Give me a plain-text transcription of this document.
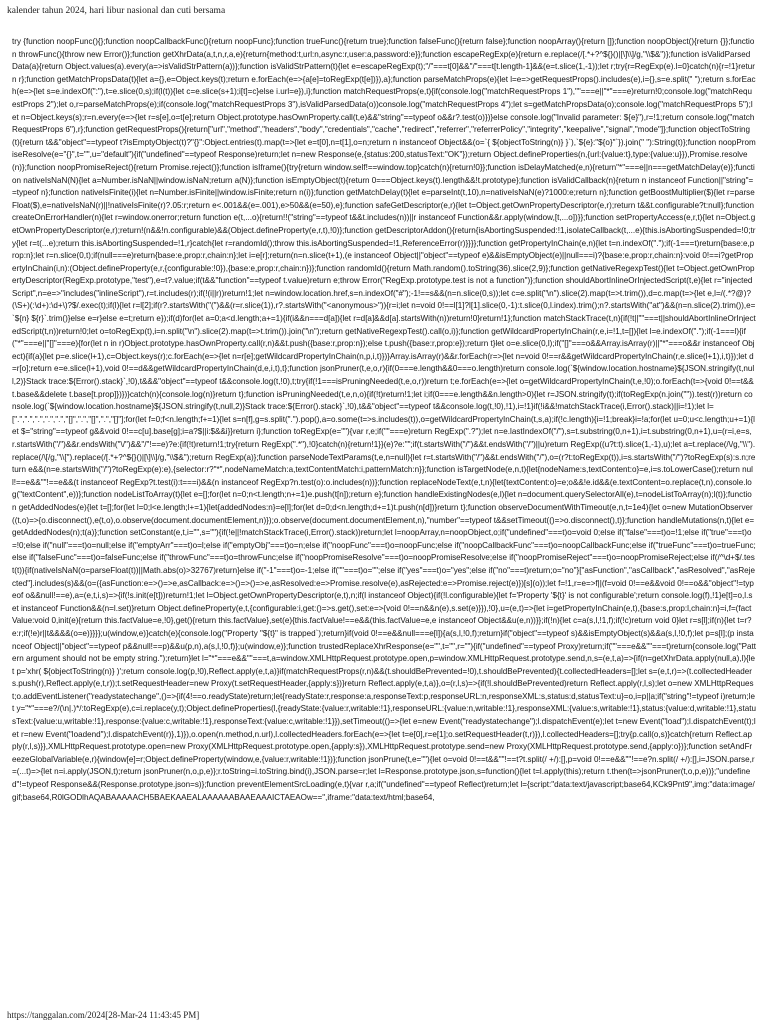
kalender tahun 2024, hari libur nasional dan cuti bersama

try {function noopFunc(){};function noopCallbackFunc(){return noopFunc};function trueFunc(){return true};function falseFunc(){return false};function noopArray(){return []};function noopObject(){return {}};function throwFunc(){throw new Error()};function getXhrData(a,t,n,r,a,e){return{method:t,url:n,async:r,user:a,password:e}};function escapeRegExp(e){return e.replace(/[.*+?^${}()|[\]\\]/g,"\\$&")};function isValidParsedData(a){return Object.values(a).every(a=>isValidStrPattern(a))};function isValidStrPattern(t){let e=escapeRegExp(t);"/"===t[0]&&"/"===t[t.length-1]&&(e=t.slice(1,-1));let r;try{r=RegExp(e).l=0}catch(n){r=!1}return r};function getMatchPropsData(t){let a={},e=Object.keys(t);return e.forEach(e=>{a[e]=toRegExp(t[e])}),a};function parseMatchProps(e){let l=e=>getRequestProps().includes(e),i={},s=e.split(" ");return s.forEach(e=>{let s=e.indexOf(":"),t=e.slice(0,s);if(l(t)){let c=e.slice(s+1);i[t]=c}else i.url=e}),i};function matchRequestProps(e,t){if(console.log("matchRequestProps 1"),""===e||"*"===e)return!0;console.log("matchRequestProps 2");let o,r=parseMatchProps(e);if(console.log("matchRequestProps 3"),isValidParsedData(o))console.log("matchRequestProps 4");let s=getMatchPropsData(o);console.log("matchRequestProps 5");let n=Object.keys(s);r=n.every(e=>{let r=s[e],o=t[e];return Object.prototype.hasOwnProperty.call(t,e)&&"string"==typeof o&&r?.test(o)})}else console.log("Invalid parameter: ${e}"),r=!1;return console.log("matchRequestProps 6"),r};function getRequestProps(){return["url","method","headers","body","credentials","cache","redirect","referrer","referrerPolicy","integrity","keepalive","signal","mode"]};function objectToString(t){return t&&"object"==typeof t?isEmptyObject(t)?"{}":Object.entries(t).map(t=>{let e=t[0],n=t[1],o=n;return n instanceof Object&&(o=`{ ${objectToString(n)} }`),`${e}:"${o}"`}).join(" "):String(t)};function noopPromiseResolve(e="{}",t="",u="default"){if("undefined"==typeof Response)return;let n=new Response(e,{status:200,statusText:"OK"});return Object.defineProperties(n,{url:{value:t},type:{value:u}}),Promise.resolve(n)};function noopPromiseReject(){return Promise.reject()};function isIframe(){try{return window.self!==window.top}catch(n){return!0}};function isDelayMatched(e,n){return"*"===e||n===getMatchDelay(e)};function nativeIsNaN(N){let a=Number.isNaN||window.isNaN;return a(N)};function isEmptyObject(t){return 0===Object.keys(t).length&&!t.prototype};function isValidCallback(n){return n instanceof Function||"string"==typeof n};function nativeIsFinite(i){let n=Number.isFinite||window.isFinite;return n(i)};function getMatchDelay(t){let e=parseInt(t,10),n=nativeIsNaN(e)?1000:e;return n};function getBoostMultiplier($){let r=parseFloat($),e=nativeIsNaN(r)||!nativeIsFinite(r)?.05:r;return e<.001&&(e=.001),e>50&&(e=50),e};function safeGetDescriptor(e,r){let t=Object.getOwnPropertyDescriptor(e,r);return t&&t.configurable?t:null};function createOnErrorHandler(n){let r=window.onerror;return function e(t,...o){return!!("string"==typeof t&&t.includes(n))||r instanceof Function&&r.apply(window,[t,...o])}};function setPropertyAccess(e,r,t){let n=Object.getOwnPropertyDescriptor(e,r);return!(n&&!n.configurable)&&(Object.defineProperty(e,r,t),!0)};function getDescriptorAddon(){return{isAbortingSuspended:!1,isolateCallback(t,...e){this.isAbortingSuspended=!0;try{let r=t(...e);return this.isAbortingSuspended=!1,r}catch{let r=randomId();throw this.isAbortingSuspended=!1,ReferenceError(r)}}}};function getPropertyInChain(e,n){let t=n.indexOf(".");if(-1===t)return{base:e,prop:n};let r=n.slice(0,t);if(null===e)return{base:e,prop:r,chain:n};let i=e[r];return(n=n.slice(t+1),(e instanceof Object||"object"==typeof e)&&isEmptyObject(e)||null===i)?{base:e,prop:r,chain:n}:void 0!==i?getPropertyInChain(i,n):(Object.defineProperty(e,r,{configurable:!0}),{base:e,prop:r,chain:n})};function randomId(){return Math.random().toString(36).slice(2,9)};function getNativeRegexpTest(){let t=Object.getOwnPropertyDescriptor(RegExp.prototype,"test"),e=t?.value;if(t&&"function"==typeof t.value)return e;throw Error("RegExp.prototype.test is not a function")};function shouldAbortInlineOrInjectedScript(t,e){let r="injectedScript",n=e=>"includes("inlineScript"),r=t.includes(r);if(!(i||r))return!1;let n=window.location.href,s=n.indexOf("#");-1!==s&&(n=n.slice(0,s));let c=e.split("\n").slice(2).map(t=>t.trim()),d=c.map(t=>{let e,l=/(.*?@)?(\S+)(:\d+):\d+\)?$/.exec(t);if(l){let r=l[2];if(r?.startsWith("(")&&(r=r.slice(1)),r?.startsWith("<anonymous>")){r=i;let n=void 0!==l[1]?l[1].slice(0,-1):t.slice(0,l.index).trim();n?.startsWith("at")&&(n=n.slice(2).trim()),e=`${n} ${r}`.trim()}else e=r}else e=t;return e});if(d)for(let a=0;a<d.length;a+=1){if(i&&n===d[a]){let r=d[a]&&d[a].startsWith(n))return!0}return!1};function matchStackTrace(t,n){if(!t||""===t||shouldAbortInlineOrInjectedScript(t,n))return!0;let o=toRegExp(t),i=n.split("\n").slice(2).map(t=>t.trim()).join("\n");return getNativeRegexpTest().call(o,i)};function getWildcardPropertyInChain(r,e,i=!1,t=[]){let l=e.indexOf(".");if(-1===l){if("*"===e||"[]"===e){for(let n in r)Object.prototype.hasOwnProperty.call(r,n)&&t.push({base:r,prop:n});else t.push({base:r,prop:e});return t}let o=e.slice(0,l);if("[]"===o&&Array.isArray(r)||"*"===o&&r instanceof Object){if(a){let p=e.slice(l+1),c=Object.keys(r);c.forEach(e=>{let n=r[e];getWildcardPropertyInChain(n,p,i,t)})}Array.isArray(r)&&r.forEach(r=>{let n=void 0!==r&&getWildcardPropertyInChain(r,e.slice(l+1),i,t)});let d=r[o];return e=e.slice(l+1),void 0!==d&&getWildcardPropertyInChain(d,e,i,t),t};function jsonPruner(t,e,o,r){if(0===e.length&&0===o.length)return console.log(`${window.location.hostname}${JSON.stringify(t,null,2)}Stack trace:${Error().stack}`,!0),t&&&"object"==typeof t&&console.log(t,!0),t;try{if(!1===isPruningNeeded(t,e,o,r))return t;e.forEach(e=>{let o=getWildcardPropertyInChain(t,e,!0);o.forEach(t=>{void 0!==t&&t.base&&delete t.base[t.prop]})})}catch(n){console.log(n)}return t};function isPruningNeeded(t,e,n,o){if(!t)return!1;let i;if(0===e.length&&n.length>0){let r=JSON.stringify(t);if(toRegExp(n.join("")).test(r))return console.log(`${window.location.hostname}${JSON.stringify(t,null,2)}Stack trace:${Error().stack}`,!0),t&&"object"==typeof t&&console.log(t,!0),!1),i=!1}if(!i&&!matchStackTrace(i,Error().stack)||i=!1);let l=[".",".",".",".",".","[]",".","[]",".","[]"];for(let f=0;f<n.length;f+=1){let s=n[f],g=s.split(".").pop(),a=o.some(t=>s.includes(t)),o=getWildcardPropertyInChain(t,s,a);if(!c.length){i=!1;break}i=!a;for(let u=0;u<c.length;u+=1){let $="string"==typeof g&&void 0!==c[u].base[g];i=a?$||i:$&&i}}return i};function toRegExp(e=""){var r,e;if(""===e)return RegExp(".?");let n=e.lastIndexOf("/"),s=t.substring(0,n+1),i=t.substring(0,n+1),u=(r=i,e=s,r.startsWith("/")&&r.endsWith("\/")&&"/"!==e)?e:{if(!t)return!1;try{return RegExp(".*"),!0}catch(n){return!1}}(e)?e:"";if(t.startsWith("/")&&t.endsWith("/")||u)return RegExp((u?t:t).slice(1,-1),u);let a=t.replace(/\/g,"\\").replace(/\[/g,"\\[").replace(/[.*+?^${}()|[\]\\]/g,"\\$&");return RegExp(a)};function parseNodeTextParams(t,e,n=null){let r=t.startsWith("/")&&t.endsWith("/"),o=(r?t:toRegExp(t)),i=s.startsWith("/")?toRegExp(s):s.n;return e&&(n=e.startsWith("/")?toRegExp(e):e),{selector:r?"*",nodeNameMatch:a,textContentMatch:i,patternMatch:n}};function isTargetNode(e,n,t){let{nodeName:s,textContent:o}=e,i=s.toLowerCase();return null!==e&&""!==e&&(t instanceof RegExp?t.test(i):t===i)&&(n instanceof RegExp?n.test(o):o.includes(n))};function replaceNodeText(e,t,n){let{textContent:o}=e;o&&!e.id&&(e.textContent=o.replace(t,n),console.log("textContent",e))};function nodeListToArray(t){let e=[];for(let n=0;n<t.length;n+=1)e.push(t[n]);return e};function handleExistingNodes(e,l){let n=document.querySelectorAll(e),t=nodeListToArray(n);l(t)};function getAddedNodes(e){let t=[];for(let l=0;l<e.length;l+=1){let{addedNodes:n}=e[l];for(let d=0;d<n.length;d+=1)t.push(n[d])}return t};function observeDocumentWithTimeout(e,n,t=1e4){let o=new MutationObserver((t,o)=>{o.disconnect(),e(t,o),o.observe(document.documentElement,n)});o.observe(document.documentElement,n),"number"==typeof t&&setTimeout(()=>o.disconnect(),t)};function handleMutations(n,t){let e=getAddedNodes(n);t(a)};function setConstant(e,t,i="",s=""){if(!e||!matchStackTrace(i,Error().stack))return;let l=noopArray,n=noopObject,o;if("undefined"===t)o=void 0;else if("false"===t)o=!1;else if("true"===t)o=!0;else if("null"===t)o=null;else if("emptyArr"===t)o=l;else if("emptyObj"===t)o=n;else if("noopFunc"===t)o=noopFunc;else if("noopCallbackFunc"===t)o=noopCallbackFunc;else if("trueFunc"===t)o=trueFunc;else if("falseFunc"===t)o=falseFunc;else if("throwFunc"===t)o=throwFunc;else if("noopPromiseResolve"===t)o=noopPromiseResolve;else if("noopPromiseReject"===t)o=noopPromiseReject;else if(/^\d+$/.test(t)){if(nativeIsNaN(o=parseFloat(t))||Math.abs(o)>32767)return}else if("-1"===t)o=-1;else if(""===t)o="";else if("yes"===t)o="yes";else if("no"===t)return;o="no"}["asFunction","asCallback","asResolved","asRejected"].includes(s)&&(o=({asFunction:e=>()=>e,asCallback:e=>()=>()=>e,asResolved:e=>Promise.resolve(e),asRejected:e=>Promise.reject(e)})[s](o));let f=!1,r=e=>f||(f=void 0!==e&&void 0!==o&&"object"!=typeof o&&null!==e),a=(e,t,i,s)=>{if(!s.init(e[t]))return!1;let l=Object.getOwnPropertyDescriptor(e,t),n;if(l instanceof Object){if(!l.configurable){let f='Property '${t}' is not configurable';return console.log(f),!1}e[t]=o,l.set instanceof Function&&(n=l.set)}return Object.defineProperty(e,t,{configurable:i,get:()=>s.get(),set:e=>{void 0!==n&&n(e),s.set(e)}}),!0},u=(e,t)=>{let i=getPropertyInChain(e,t),{base:s,prop:l,chain:n}=i,f=(factValue:void 0,init(e){return this.factValue=e,!0},get(){return this.factValue},set(e){this.factValue!==e&&(this.factValue=e,e instanceof Object&&u(e,n))}};if(!n){let c=a(s,l,!1,f);if(!c)return void 0}let r=s[l];if(n){let t=r?e:r;if(!e)r||t&&&&(o=e)}}}};u(window,e)}catch(e){console.log("Property "${t}" is trapped`);return}if(void 0!==e&&null===e[l]){a(s,l,!0,f);return}if("object"==typeof s)&&isEmptyObject(s)&&a(s,l,!0,f);let p=s[l];(p instanceof Object||"object"==typeof p&&null!==p)&&u(p,n),a(s,l,!0,f)};u(window,e)};function trustedReplaceXhrResponse(e="",t="",r=""){if("undefined"==typeof Proxy)return;if(""===e&&""===t)return{console.log("Pattern argument should not be empty string.");return}let l="*"===e&&""===t,a=window.XMLHttpRequest.prototype.open,p=window.XMLHttpRequest.prototype.send,n,s=(e,t,a)=>{if(n=getXhrData.apply(null,a),l){let p='xhr( ${objectToString(n)} )';return console.log(p,!0),Reflect.apply(e,t,a)}if(matchRequestProps(r,n)&&(t.shouldBePrevented=!0),t.shouldBePrevented){t.collectedHeaders=[];let s=(e,t,r)=>(t.collectedHeaders.push(r),Reflect.apply(e,t,r));t.setRequestHeader=new Proxy(t.setRequestHeader,{apply:s})}return Reflect.apply(e,t,a)},o=(r,l,s)=>{if(!l.shouldBePrevented)return Reflect.apply(r,l,s);let o=new XMLHttpRequest;o.addEventListener("readystatechange",()=>{if(4!==o.readyState)return;let{readyState:r,response:a,responseText:p,responseURL:n,responseXML:s,status:d,statusText:u}=o,i=p||a;if("string"!=typeof i)return;let y="*"===e?/(\n|.)*/:toRegExp(e),c=i.replace(y,t);Object.defineProperties(l,{readyState:{value:r,writable:!1},responseURL:{value:n,writable:!1},responseXML:{value:s,writable:!1},status:{value:d,writable:!1},statusText:{value:u,writable:!1},response:{value:c,writable:!1},responseText:{value:c,writable:!1}}),setTimeout(()=>{let e=new Event("readystatechange");l.dispatchEvent(e);let t=new Event("load");l.dispatchEvent(t);let r=new Event("loadend");l.dispatchEvent(r)},1)}),o.open(n.method,n.url),l.collectedHeaders.forEach(e=>{let t=e[0],r=e[1];o.setRequestHeader(t,r)}),l.collectedHeaders=[];try{p.call(o,s)}catch{return Reflect.apply(r,l,s)}},XMLHttpRequest.prototype.open=new Proxy(XMLHttpRequest.prototype.open,{apply:s}),XMLHttpRequest.prototype.send=new Proxy(XMLHttpRequest.prototype.send,{apply:o})};function setAndFreezeGlobalVariable(e,r){window[e]=r;Object.defineProperty(window,e,{value:r,writable:!1})};function jsonPrune(t,e=""){let o=void 0!==t&&""!==t?t.split(/ +/):[],p=void 0!==e&&""!==e?n.split(/ +/):[],i=JSON.parse,r=(...t)=>{let n=i.apply(JSON,t);return jsonPruner(n,o,p,e)};r.toString=i.toString.bind(i),JSON.parse=r;let l=Response.prototype.json,s=function(){let t=l.apply(this);return t.then(t=>jsonPruner(t,o,p,e))};"undefined"!=typeof Response&&(Response.prototype.json=s)};function preventElementSrcLoading(e,t){var r,a;if("undefined"==typeof Reflect)return;let l={script:"data:text/javascript;base64,KCk9Pnt9",img:"data:image/gif;base64,R0lGODlhAQABAAAAACH5BAEKAAEALAAAAAABAAEAAAICTAEAOw==",iframe:"data:text/html;base64,

https://tanggalan.com/2024[28-Mar-24 11:43:45 PM]
